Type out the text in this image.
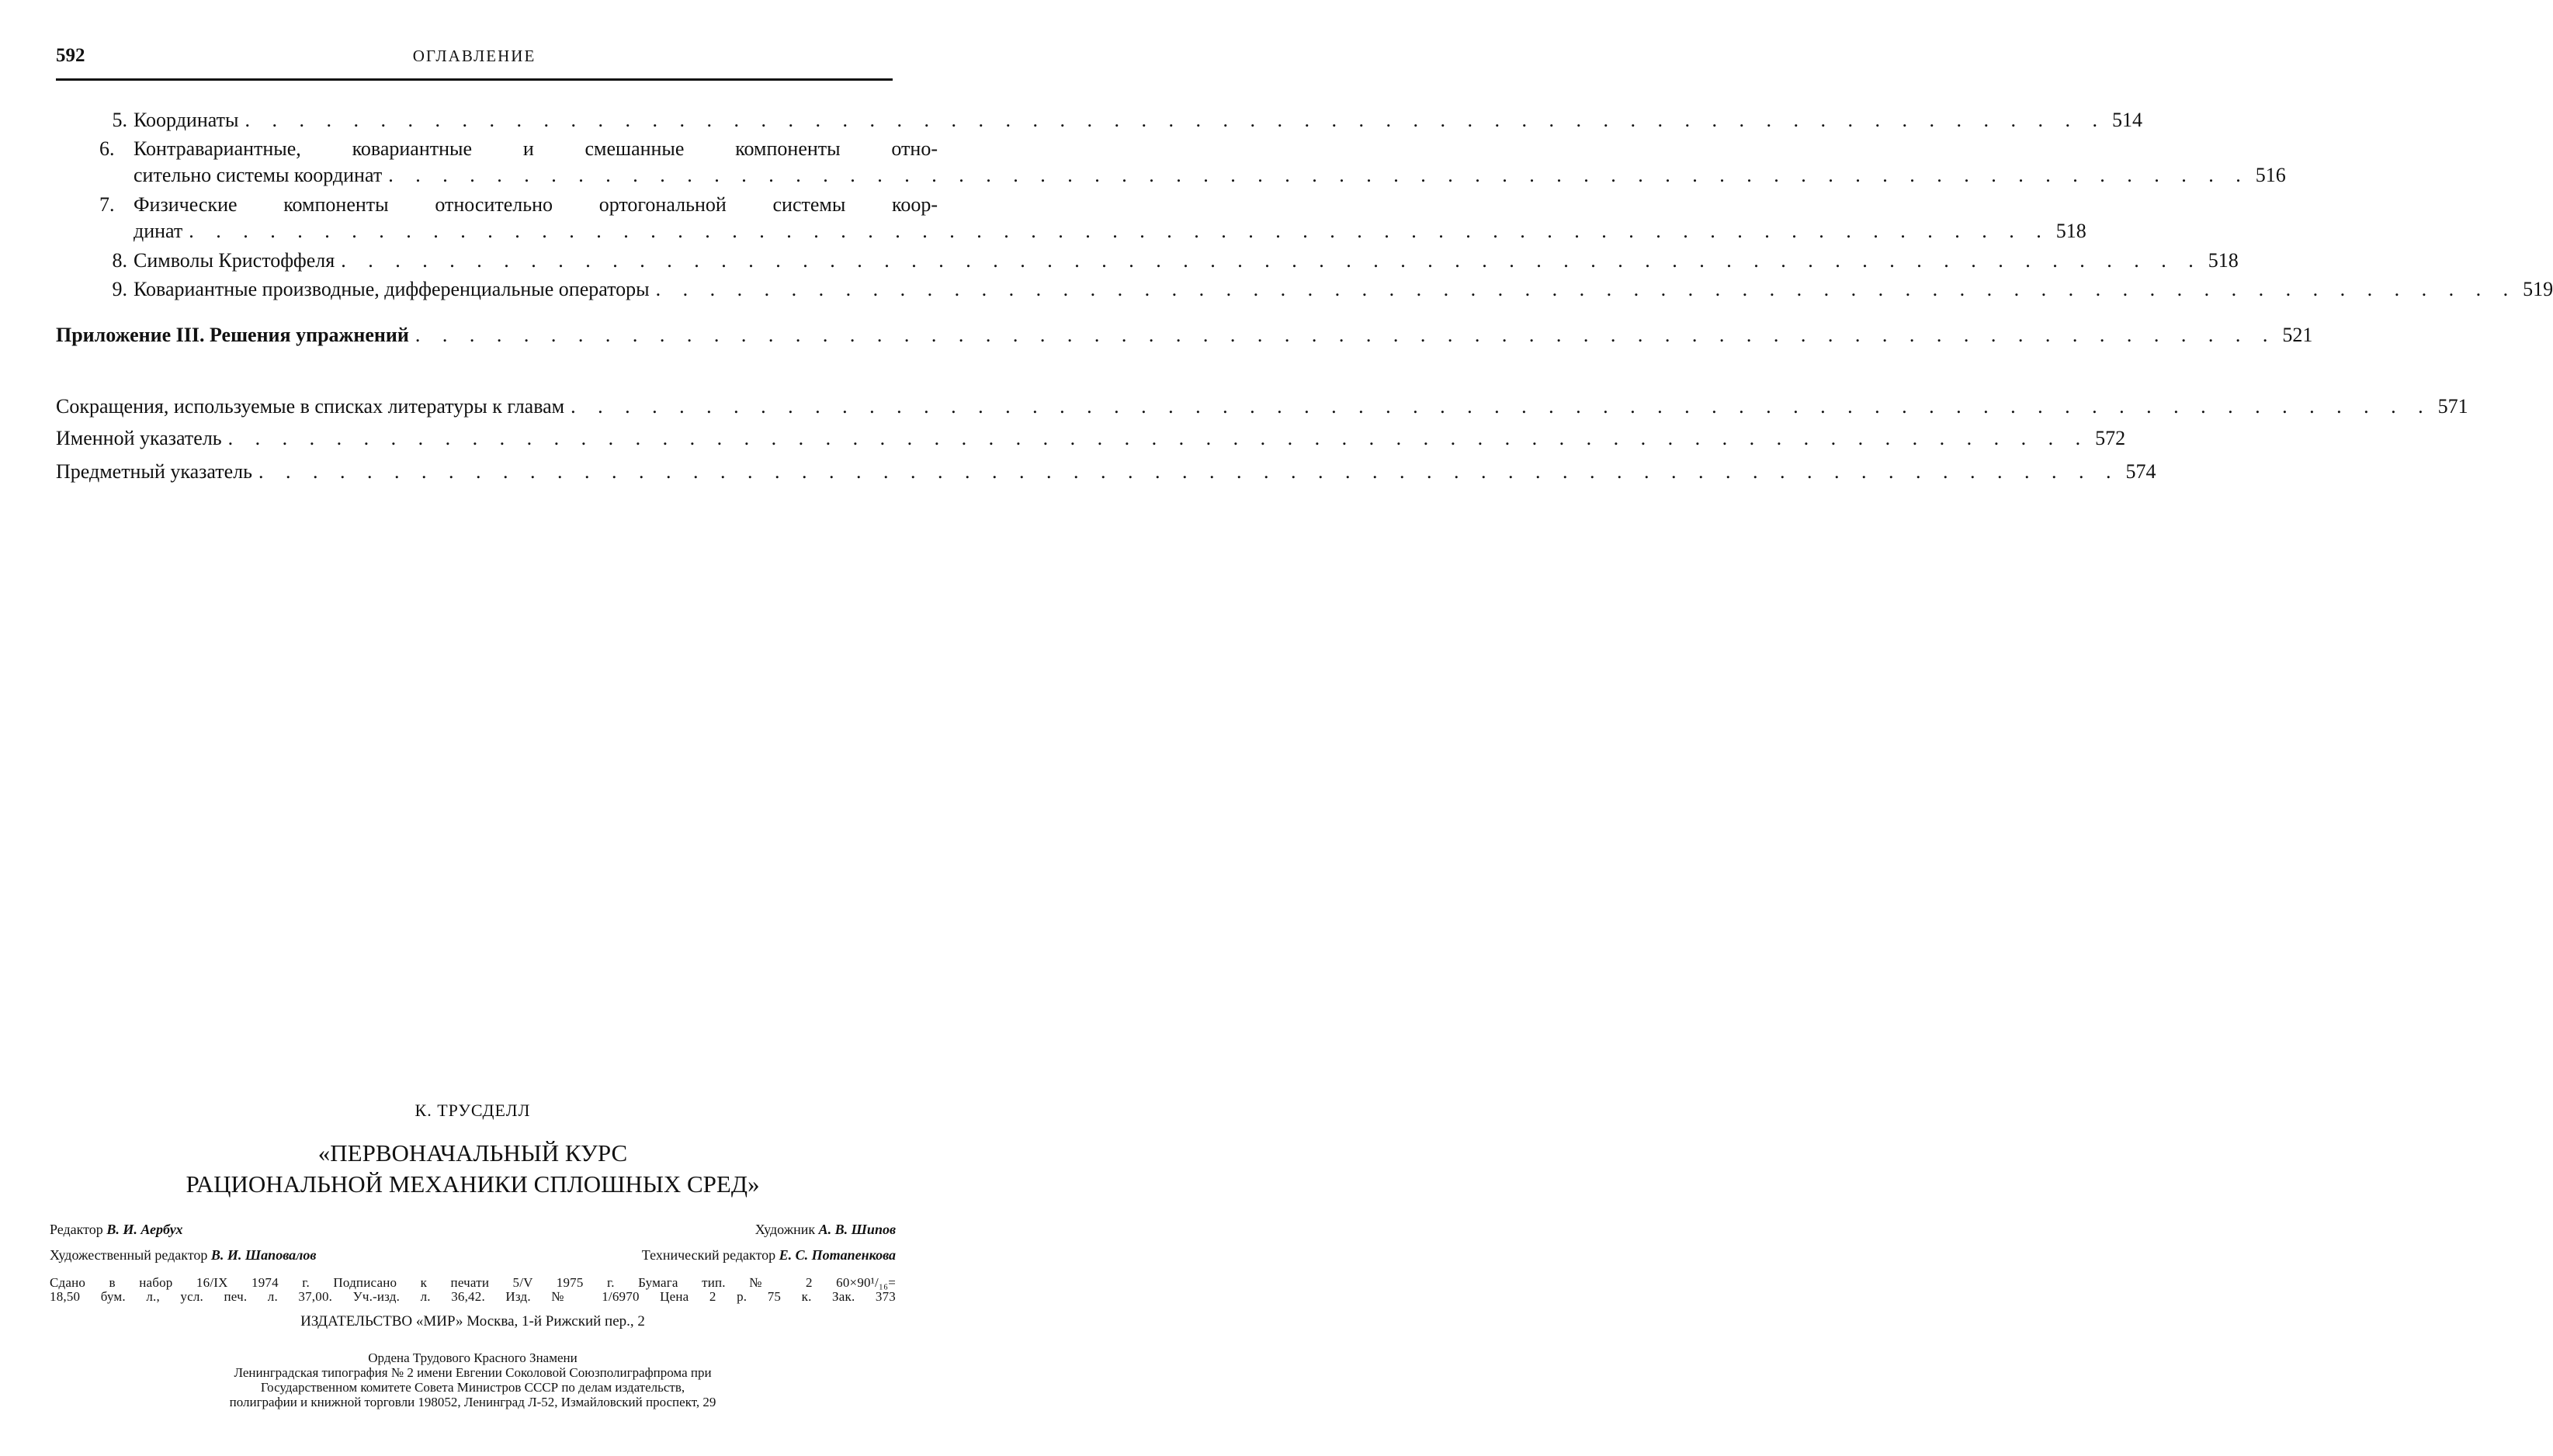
592	ОГЛАВЛЕНИЕ
5. Координаты . . .	514
6. Контравариантные, ковариантные и смешанные компоненты отно-
сительно системы координат . . .	516
7. Физические компоненты относительно ортогональной системы коор-
динат . . .	518
8. Символы Кристоффеля . . .	518
9. Ковариантные производные, дифференциальные операторы . . .	519
Приложение III. Решения упражнений . . .	521
Сокращения, используемые в списках литературы к главам . . .	571
Именной указатель . . .	572
Предметный указатель . . .	574
К. ТРУСДЕЛЛ
«ПЕРВОНАЧАЛЬНЫЙ КУРС
РАЦИОНАЛЬНОЙ МЕХАНИКИ СПЛОШНЫХ СРЕД»
Редактор В. И. Аербух	Художник А. В. Шипов
Художественный редактор В. И. Шаповалов	Технический редактор Е. С. Потапенкова
Сдано в набор 16/IX 1974 г. Подписано к печати 5/V 1975 г. Бумага тип. № 2 60×90¹/₁₆=
18,50 бум. л., усл. печ. л. 37,00. Уч.-изд. л. 36,42. Изд. № 1/6970 Цена 2 р. 75 к. Зак. 373
ИЗДАТЕЛЬСТВО «МИР» Москва, 1-й Рижский пер., 2
Ордена Трудового Красного Знамени
Ленинградская типография № 2 имени Евгении Соколовой Союзполиграфпрома при
Государственном комитете Совета Министров СССР по делам издательств,
полиграфии и книжной торговли 198052, Ленинград Л-52, Измайловский проспект, 29
